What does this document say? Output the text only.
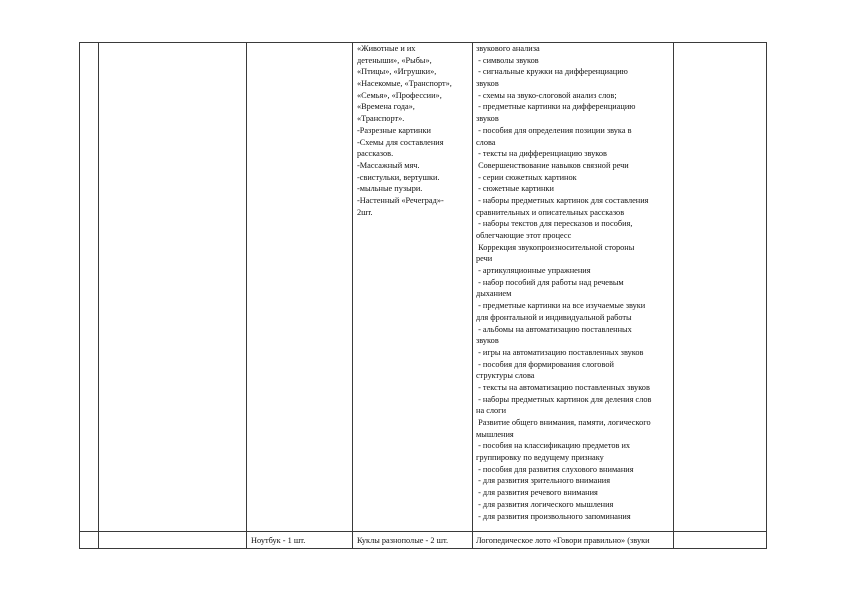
«Животные и их
детеныши», «Рыбы»,
«Птицы», «Игрушки»,
«Насекомые, «Транспорт»,
«Семья», «Профессии»,
«Времена года»,
«Транспорт».
-Разрезные картинки
-Схемы для составления
рассказов.
-Массажный мяч.
-свистульки, вертушки.
-мыльные пузыри.
-Настенный «Речеград»-
2шт.
звукового анализа
- символы звуков
- сигнальные кружки на дифференциацию
звуков
- схемы на звуко-слоговой анализ слов;
- предметные картинки на дифференциацию
звуков
- пособия для определения позиции звука в
слова
- тексты на дифференциацию звуков
Совершенствование навыков связной речи
- серии сюжетных картинок
- сюжетные картинки
- наборы предметных картинок для составления
сравнительных и описательных рассказов
- наборы текстов для пересказов и пособия,
облегчающие этот процесс
Коррекция звукопроизносительной стороны
речи
- артикуляционные упражнения
- набор пособий для работы над речевым
дыханием
- предметные картинки на все изучаемые звуки
для фронтальной и индивидуальной работы
- альбомы на автоматизацию поставленных
звуков
- игры на автоматизацию поставленных звуков
- пособия для формирования слоговой
структуры слова
- тексты на автоматизацию поставленных звуков
- наборы предметных картинок для деления слов
на слоги
Развитие общего внимания, памяти, логического
мышления
- пособия на классификацию предметов их
группировку по ведущему признаку
- пособия для развития слухового внимания
- для развития зрительного внимания
- для развития речевого внимания
- для развития логического мышления
- для развития произвольного запоминания
Ноутбук - 1 шт.	Куклы разнополые - 2 шт.	Логопедическое лото «Говори правильно» (звуки
